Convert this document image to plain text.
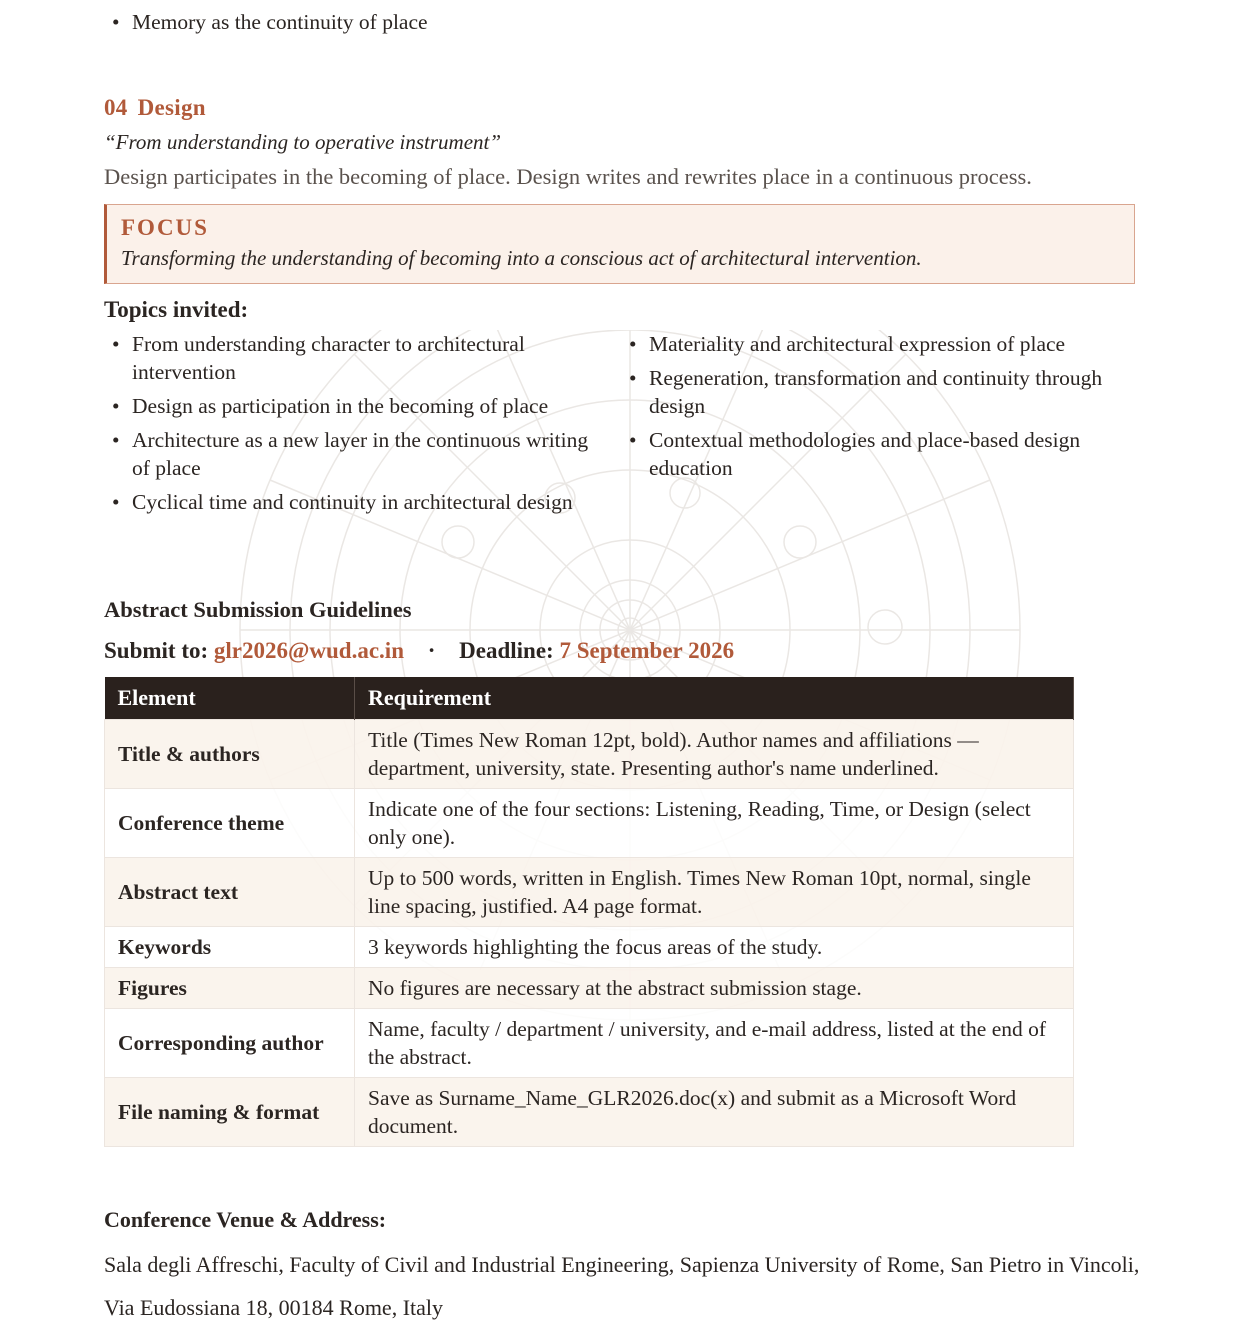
• Memory as the continuity of place
04 Design
“From understanding to operative instrument”
Design participates in the becoming of place. Design writes and rewrites place in a continuous process.
FOCUS
Transforming the understanding of becoming into a conscious act of architectural intervention.
Topics invited:
• From understanding character to architectural intervention
• Design as participation in the becoming of place
• Architecture as a new layer in the continuous writing of place
• Cyclical time and continuity in architectural design
• Materiality and architectural expression of place
• Regeneration, transformation and continuity through design
• Contextual methodologies and place-based design education
Abstract Submission Guidelines
Submit to: glr2026@wud.ac.in · Deadline: 7 September 2026
Element	Requirement
Title & authors	Title (Times New Roman 12pt, bold). Author names and affiliations — department, university, state. Presenting author's name underlined.
Conference theme	Indicate one of the four sections: Listening, Reading, Time, or Design (select only one).
Abstract text	Up to 500 words, written in English. Times New Roman 10pt, normal, single line spacing, justified. A4 page format.
Keywords	3 keywords highlighting the focus areas of the study.
Figures	No figures are necessary at the abstract submission stage.
Corresponding author	Name, faculty / department / university, and e-mail address, listed at the end of the abstract.
File naming & format	Save as Surname_Name_GLR2026.doc(x) and submit as a Microsoft Word document.
Conference Venue & Address:
Sala degli Affreschi, Faculty of Civil and Industrial Engineering, Sapienza University of Rome, San Pietro in Vincoli, Via Eudossiana 18, 00184 Rome, Italy
